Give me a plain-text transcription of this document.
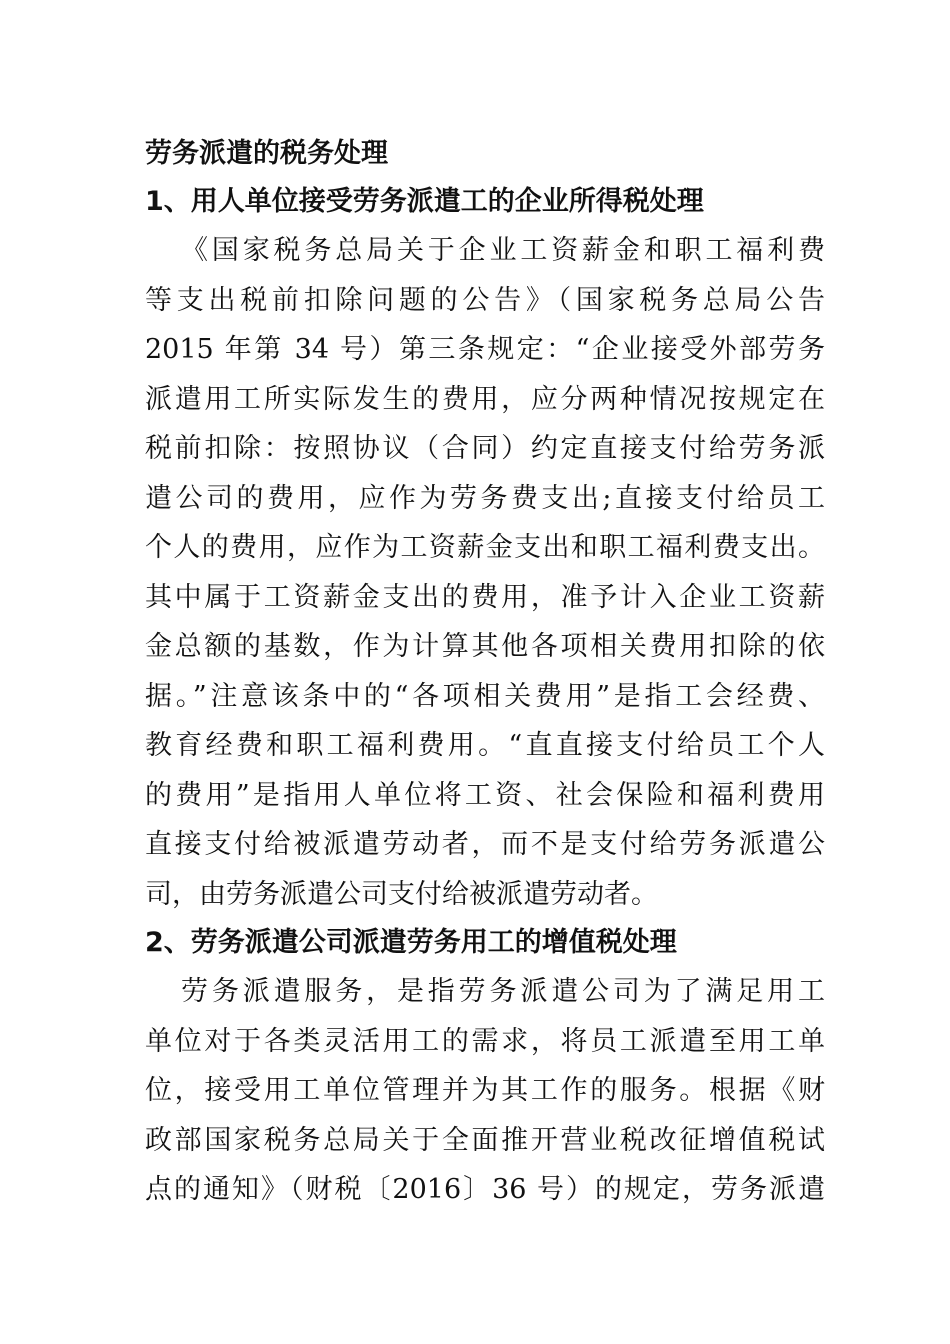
劳务派遣的税务处理
1、用人单位接受劳务派遣工的企业所得税处理

《国家税务总局关于企业工资薪金和职工福利费
等支出税前扣除问题的公告》（国家税务总局公告
2015 年第 34 号）第三条规定：“企业接受外部劳务
派遣用工所实际发生的费用，应分两种情况按规定在
税前扣除：按照协议（合同）约定直接支付给劳务派
遣公司的费用，应作为劳务费支出;直接支付给员工
个人的费用，应作为工资薪金支出和职工福利费支出。
其中属于工资薪金支出的费用，准予计入企业工资薪
金总额的基数，作为计算其他各项相关费用扣除的依
据。”注意该条中的“各项相关费用”是指工会经费、
教育经费和职工福利费用。“直直接支付给员工个人
的费用”是指用人单位将工资、社会保险和福利费用
直接支付给被派遣劳动者，而不是支付给劳务派遣公
司，由劳务派遣公司支付给被派遣劳动者。

2、劳务派遣公司派遣劳务用工的增值税处理

劳务派遣服务，是指劳务派遣公司为了满足用工
单位对于各类灵活用工的需求，将员工派遣至用工单
位，接受用工单位管理并为其工作的服务。根据《财
政部国家税务总局关于全面推开营业税改征增值税试
点的通知》（财税〔2016〕36 号）的规定，劳务派遣
